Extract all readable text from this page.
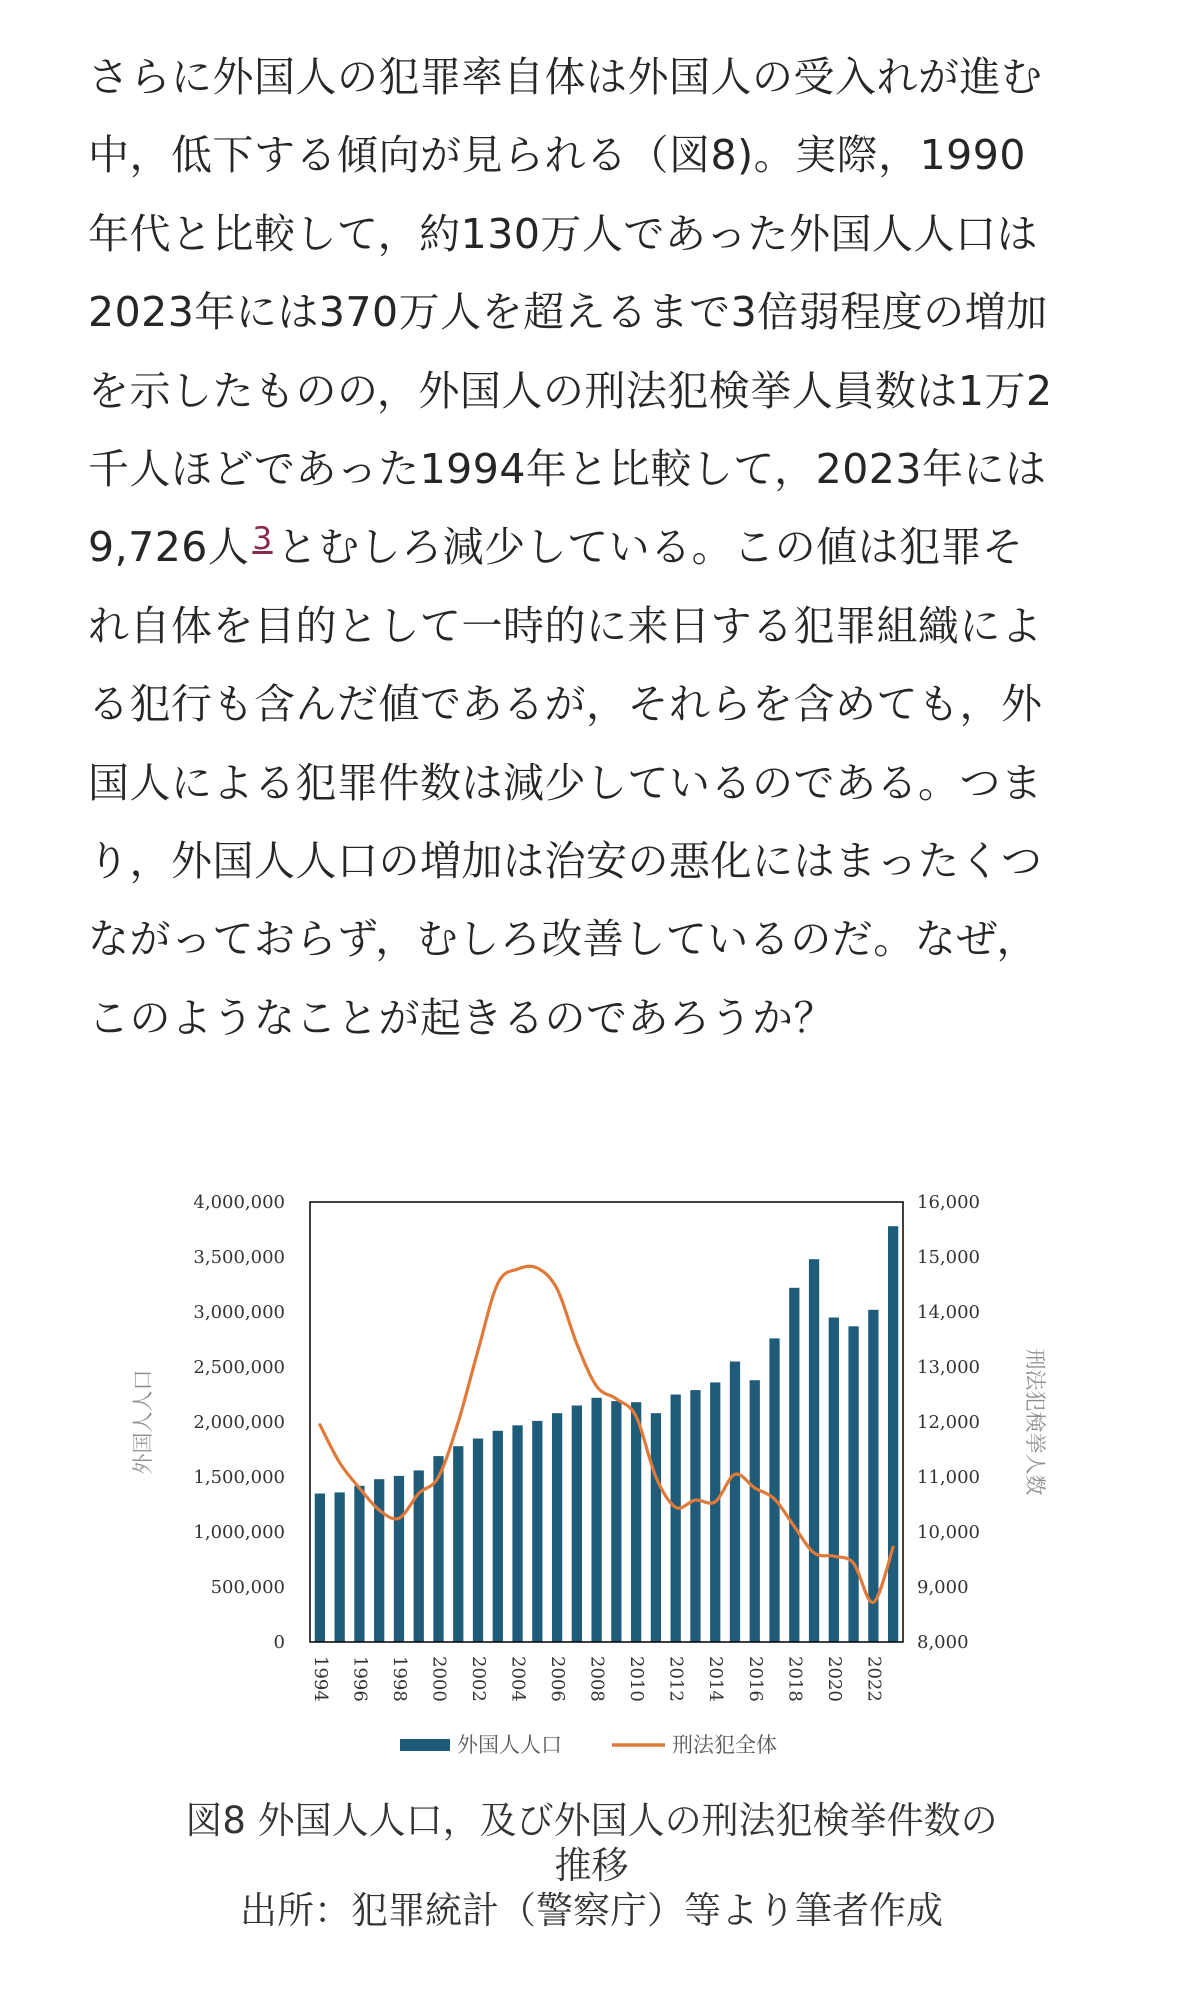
さらに外国人の犯罪率自体は外国人の受入れが進む
中，低下する傾向が見られる（図8)。実際，1990
年代と比較して，約130万人であった外国人人口は
2023年には370万人を超えるまで3倍弱程度の増加
を示したものの，外国人の刑法犯検挙人員数は1万2
千人ほどであった1994年と比較して，2023年には
9,726人$^3$とむしろ減少している。この値は犯罪そ
れ自体を目的として一時的に来日する犯罪組織によ
る犯行も含んだ値であるが，それらを含めても，外
国人による犯罪件数は減少しているのである。つま
り，外国人人口の増加は治安の悪化にはまったくつ
ながっておらず，むしろ改善しているのだ。なぜ，
このようなことが起きるのであろうか？

0
500,000
1,000,000
1,500,000
2,000,000
2,500,000
3,000,000
3,500,000
4,000,000
8,000
9,000
10,000
11,000
12,000
13,000
14,000
15,000
16,000
1994 1996 1998 2000 2002 2004 2006 2008 2010 2012 2014 2016 2018 2020 2022
外国人人口	刑法犯検挙人数
外国人人口	刑法犯全体

図8 外国人人口，及び外国人の刑法犯検挙件数の
推移
出所：犯罪統計（警察庁）等より筆者作成
